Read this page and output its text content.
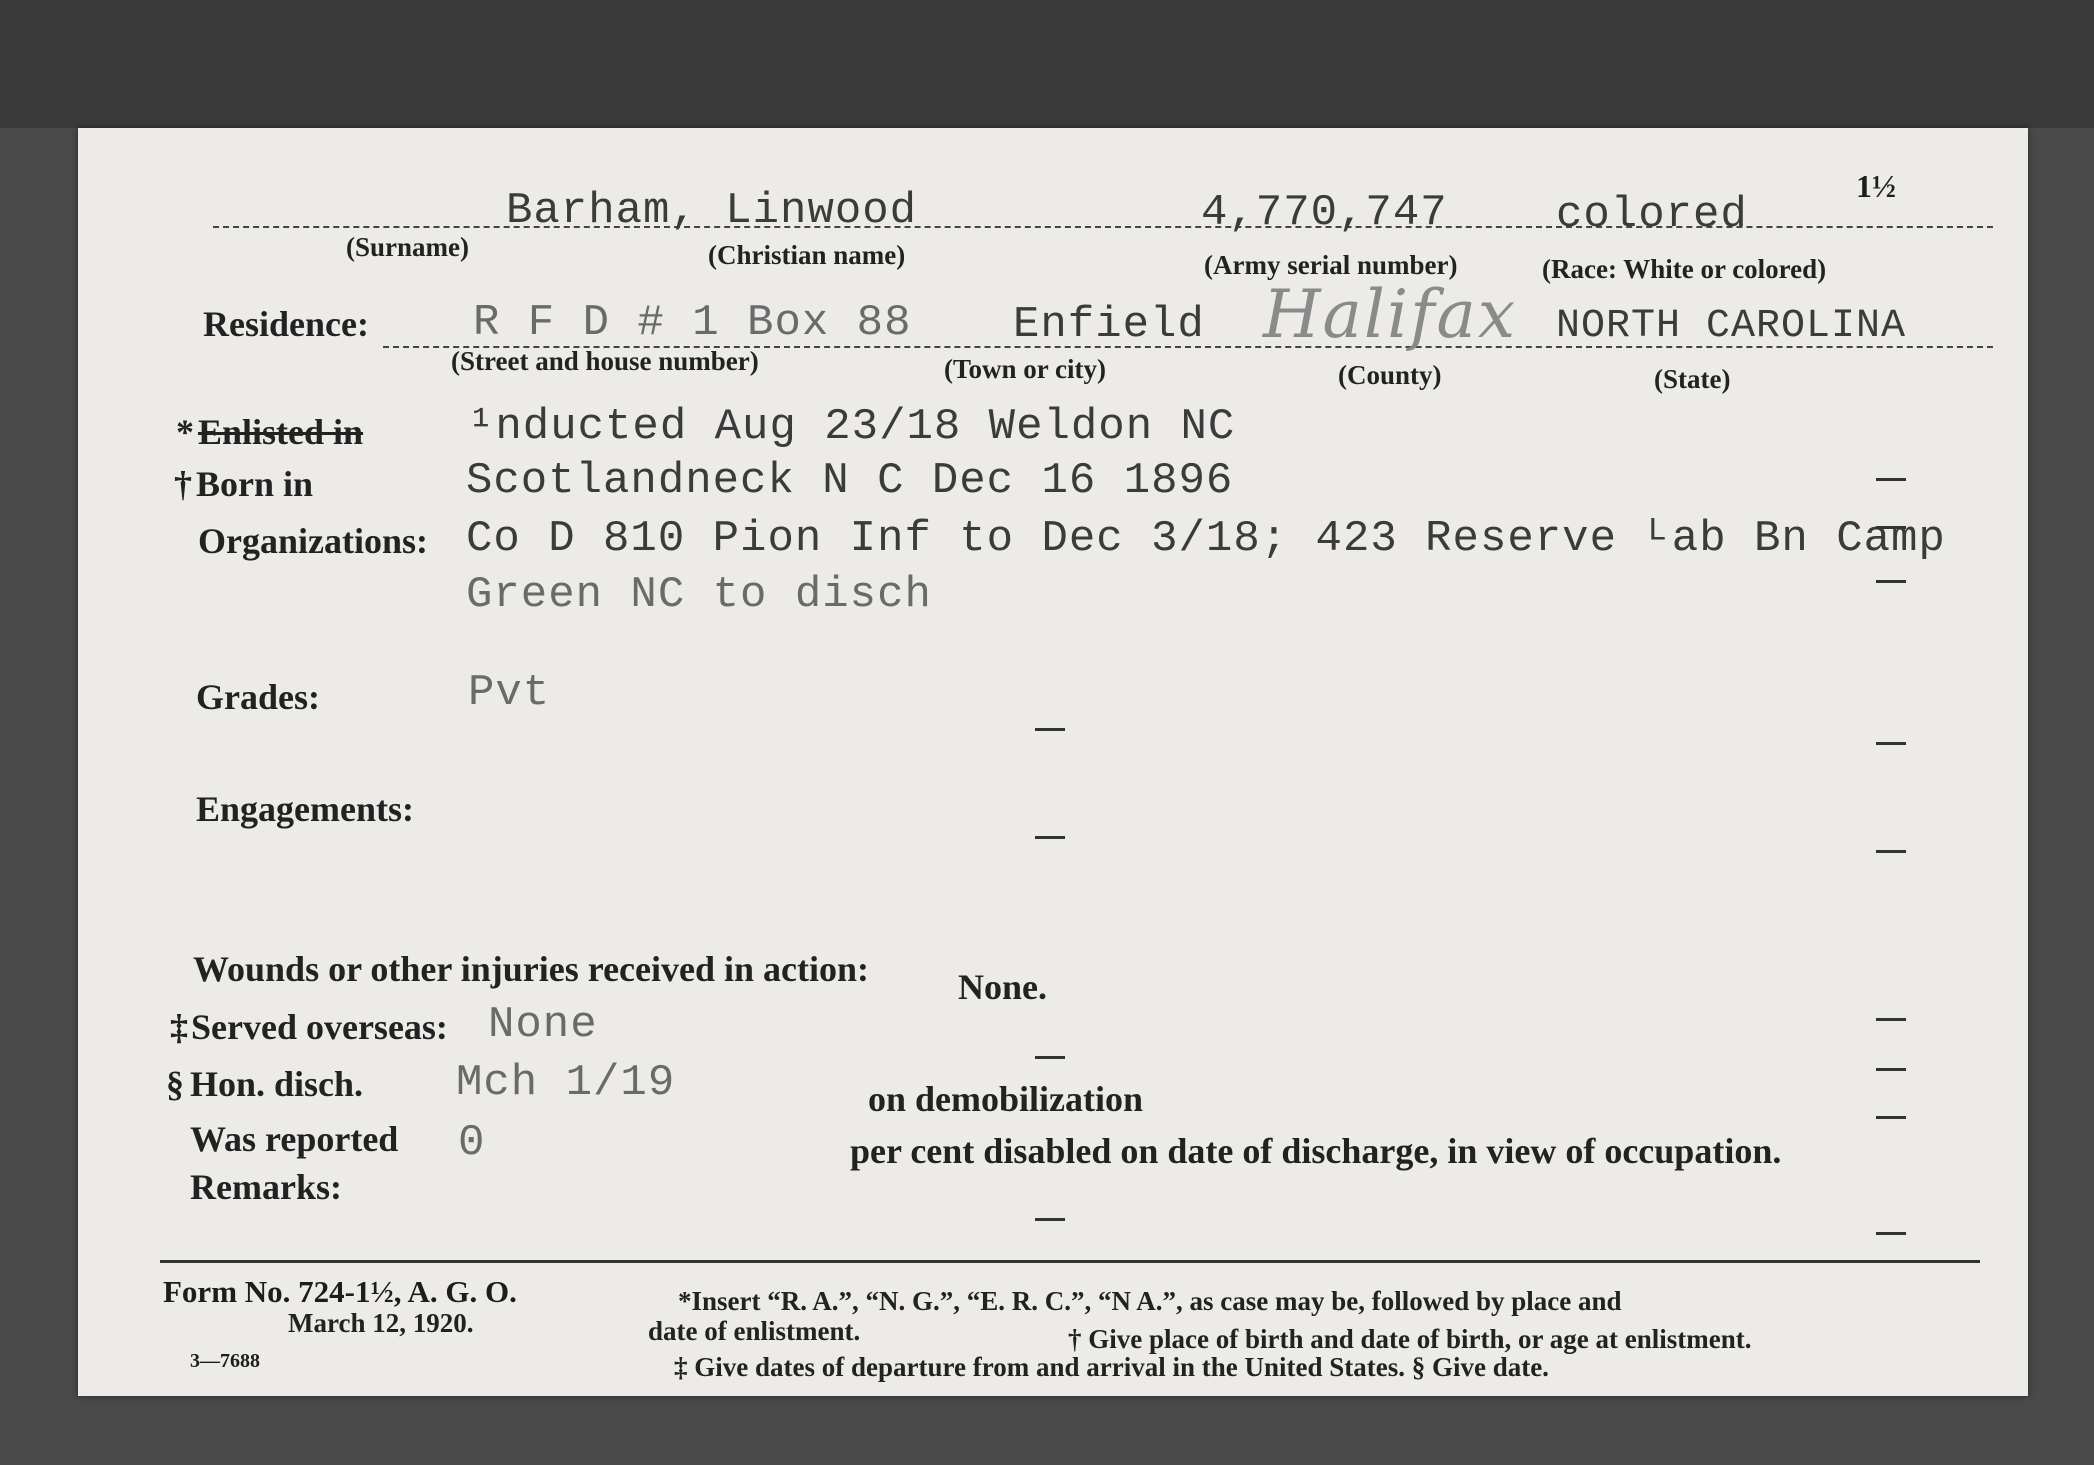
1½
Barham, Linwood	4,770,747 colored
(Surname)	(Christian name)	(Army serial number)	(Race: White or colored)
Residence: R F D # 1 Box 88 Enfield Halifax NORTH CAROLINA
(Street and house number)	(Town or city)	(County)	(State)
* Enlisted in ¹nducted Aug 23/18 Weldon NC
† Born in	Scotlandneck N C Dec 16 1896
Organizations: Co D 810 Pion Inf to Dec 3/18; 423 Reserve ᴸab Bn Camp
Green NC to disch
Grades:	Pvt
Engagements:
Wounds or other injuries received in action: None.
‡ Served overseas: None
§ Hon. disch. Mch 1/19	on demobilization
Was reported 0	per cent disabled on date of discharge, in view of occupation.
Remarks:
Form No. 724-1½, A. G. O.
March 12, 1920.
3—7688
*Insert “R. A.”, “N. G.”, “E. R. C.”, “N A.”, as case may be, followed by place and
date of enlistment.	† Give place of birth and date of birth, or age at enlistment.
‡ Give dates of departure from and arrival in the United States. § Give date.
